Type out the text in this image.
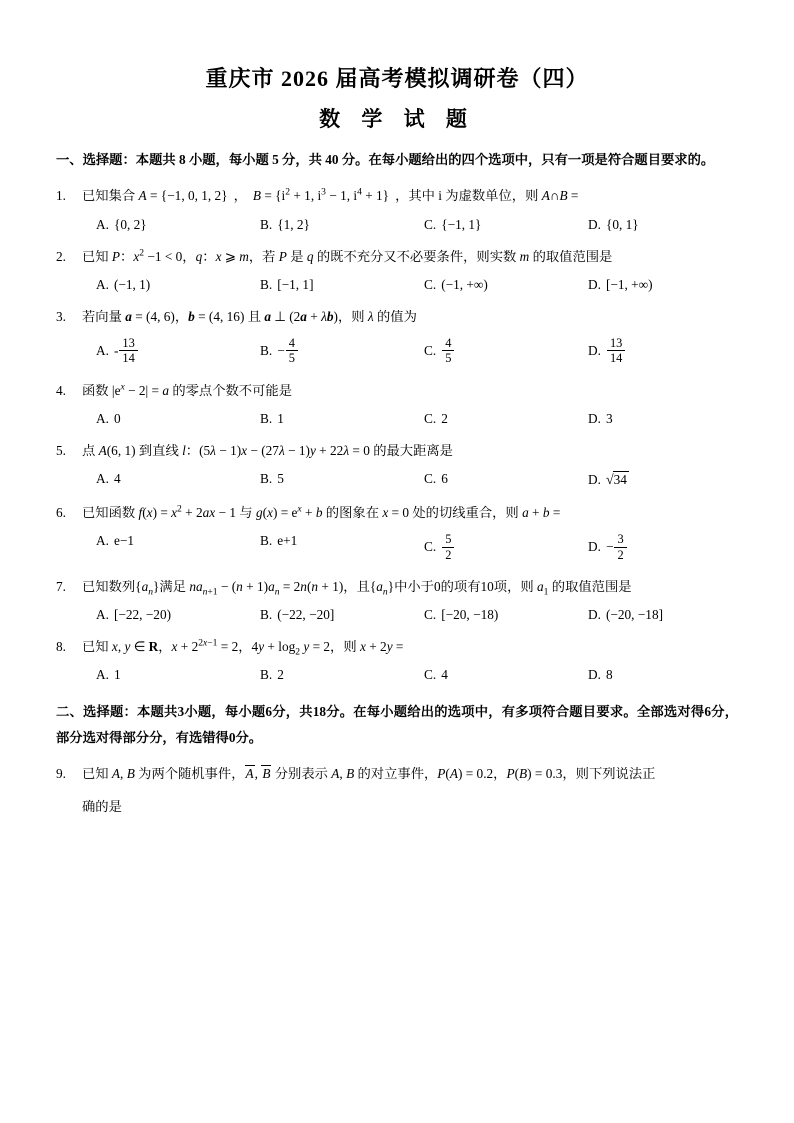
重庆市 2026 届高考模拟调研卷（四）
数 学 试 题
一、选择题：本题共 8 小题，每小题 5 分，共 40 分。在每小题给出的四个选项中，只有一项是符合题目要求的。
1.	已知集合 A = {−1, 0, 1, 2} ， $B = \{i^2 + 1$, $i^3 - 1$, $i^4 + 1$} ，其中 i 为虚数单位，则 A∩B =
A. {0, 2}	B. {1, 2}	C. {−1, 1}	D. {0, 1}
2.	已知 P：$x^2 -1 < 0$，q：x ⩾ m，若 P 是 q 的既不充分又不必要条件，则实数 m 的取值范围是
A. (−1, 1)	B. [−1, 1]	C. (−1, +∞)	D. [−1, +∞)
3.	若向量 a = (4, 6)，b = (4, 16) 且 a ⊥ (2a + λb)，则 λ 的值为
A. - $\frac{13}{14}$	B. − $\frac{4}{5}$	C. $\frac{4}{5}$	D. $\frac{13}{14}$
4.	函数 $|e^x - 2| = a$ 的零点个数不可能是
A. 0	B. 1	C. 2	D. 3
5.	点 A(6, 1) 到直线 l：(5λ − 1)x − (27λ − 1)y + 22λ = 0 的最大距离是
A. 4	B. 5	C. 6	D. √34
6.	已知函数 $f(x) = x^2 + 2ax - 1$ 与 $g(x) = e^x + b$ 的图象在 x = 0 处的切线重合，则 a + b =
A. e−1	B. e+1	C. $\frac{5}{2}$	D. − $\frac{3}{2}$
7.	已知数列$\{a_n\}$满足 $na_{n+1} - (n + 1)a_n = 2n(n + 1)$，且$\{a_n\}$中小于0的项有10项，则 $a_1$ 的取值范围是
A. [−22, −20)	B. (−22, −20]	C. [−20, −18)	D. (−20, −18]
8.	已知 x, y ∈ R，$x + 2^{2x-1} = 2$，$4y + \log_2 y = 2$，则 x + 2y =
A. 1	B. 2	C. 4	D. 8
二、选择题：本题共3小题，每小题6分，共18分。在每小题给出的选项中，有多项符合题目要求。全部选对得6分，部分选对得部分分，有选错得0分。
9.	已知 A, B 为两个随机事件，A, B 分别表示 A, B 的对立事件，P(A) = 0.2，P(B) = 0.3，则下列说法正
确的是
